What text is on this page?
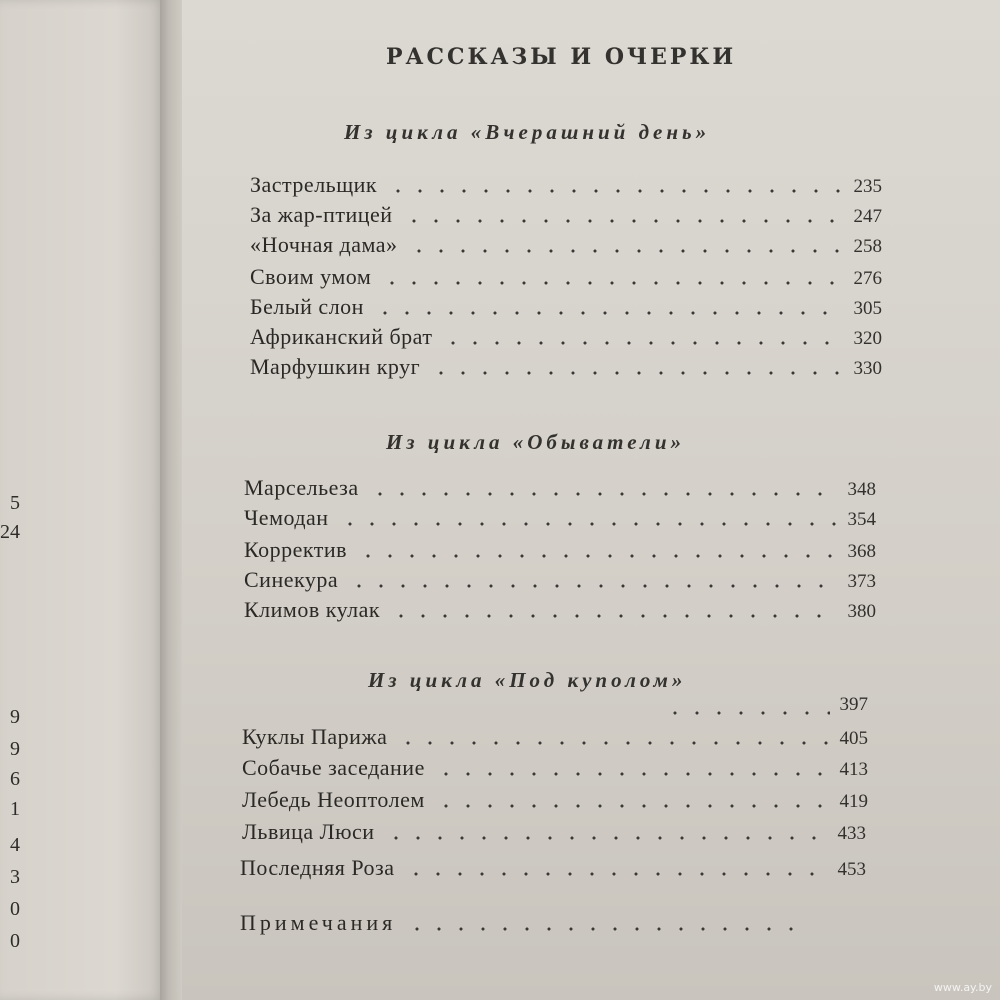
5
24
9
9
6
1
4
3
0
0
РАССКАЗЫ И ОЧЕРКИ
Из цикла «Вчерашний день»
Застрельщик	235
За жар-птицей	247
«Ночная дама»	258
Своим умом	276
Белый слон	305
Африканский брат	320
Марфушкин круг	330
Из цикла «Обыватели»
Марсельеза	348
Чемодан	354
Корректив	368
Синекура	373
Климов кулак	380
Из цикла «Под куполом»
397
Куклы Парижа	405
Собачье заседание	413
Лебедь Неоптолем	419
Львица Люси	433
Последняя Роза	453
Примечания
www.ay.by
